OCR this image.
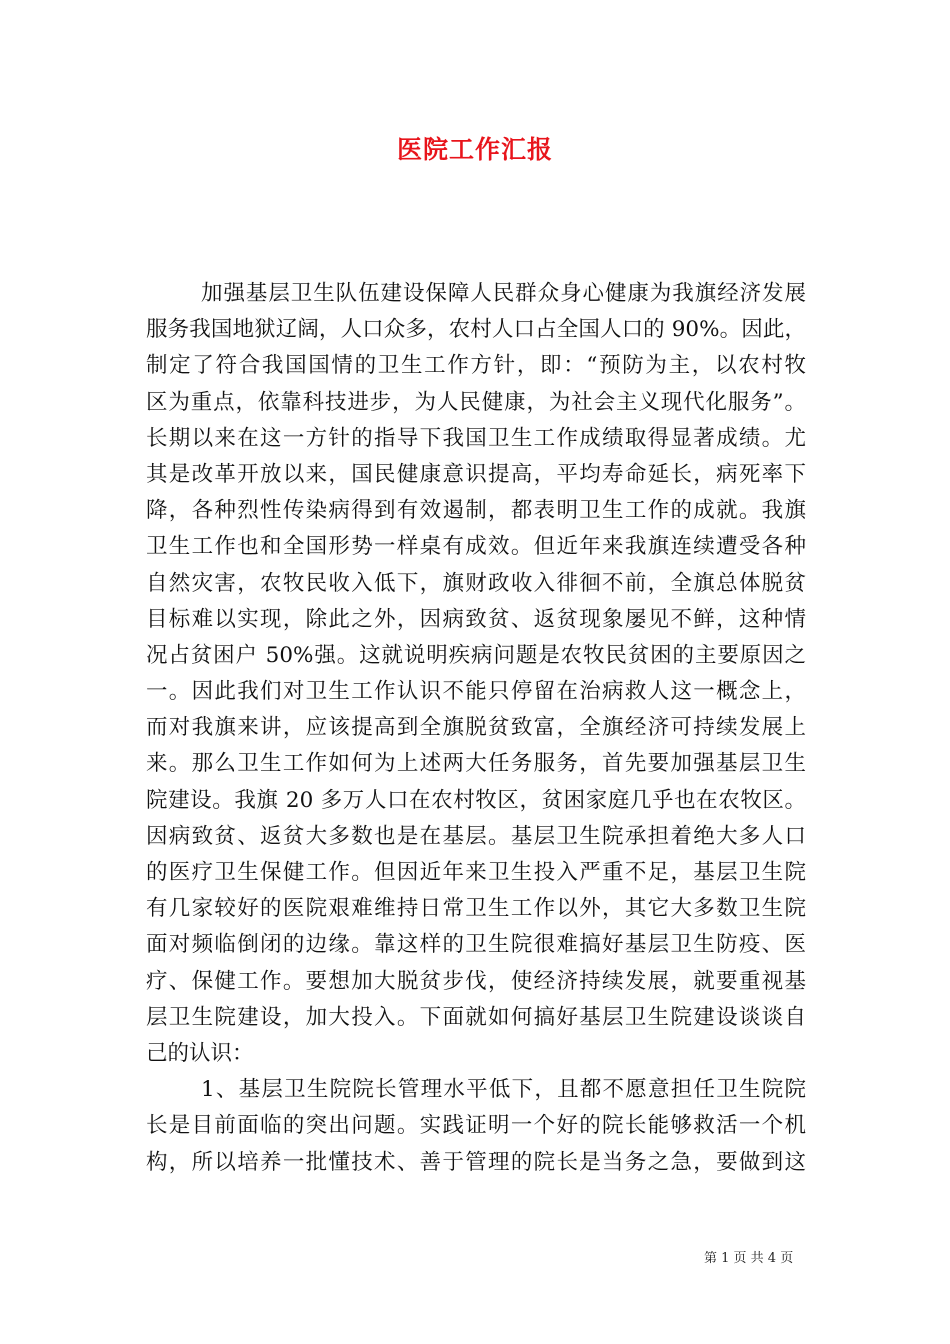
医院工作汇报
加强基层卫生队伍建设保障人民群众身心健康为我旗经济发展
服务我国地狱辽阔，人口众多，农村人口占全国人口的 90%。因此，
制定了符合我国国情的卫生工作方针，即：“预防为主，以农村牧
区为重点，依靠科技进步，为人民健康，为社会主义现代化服务”。
长期以来在这一方针的指导下我国卫生工作成绩取得显著成绩。尤
其是改革开放以来，国民健康意识提高，平均寿命延长，病死率下
降，各种烈性传染病得到有效遏制，都表明卫生工作的成就。我旗
卫生工作也和全国形势一样桌有成效。但近年来我旗连续遭受各种
自然灾害，农牧民收入低下，旗财政收入徘徊不前，全旗总体脱贫
目标难以实现，除此之外，因病致贫、返贫现象屡见不鲜，这种情
况占贫困户 50%强。这就说明疾病问题是农牧民贫困的主要原因之
一。因此我们对卫生工作认识不能只停留在治病救人这一概念上，
而对我旗来讲，应该提高到全旗脱贫致富，全旗经济可持续发展上
来。那么卫生工作如何为上述两大任务服务，首先要加强基层卫生
院建设。我旗 20 多万人口在农村牧区，贫困家庭几乎也在农牧区。
因病致贫、返贫大多数也是在基层。基层卫生院承担着绝大多人口
的医疗卫生保健工作。但因近年来卫生投入严重不足，基层卫生院
有几家较好的医院艰难维持日常卫生工作以外，其它大多数卫生院
面对频临倒闭的边缘。靠这样的卫生院很难搞好基层卫生防疫、医
疗、保健工作。要想加大脱贫步伐，使经济持续发展，就要重视基
层卫生院建设，加大投入。下面就如何搞好基层卫生院建设谈谈自
己的认识：
1、基层卫生院院长管理水平低下，且都不愿意担任卫生院院
长是目前面临的突出问题。实践证明一个好的院长能够救活一个机
构，所以培养一批懂技术、善于管理的院长是当务之急，要做到这
第 1 页 共 4 页
